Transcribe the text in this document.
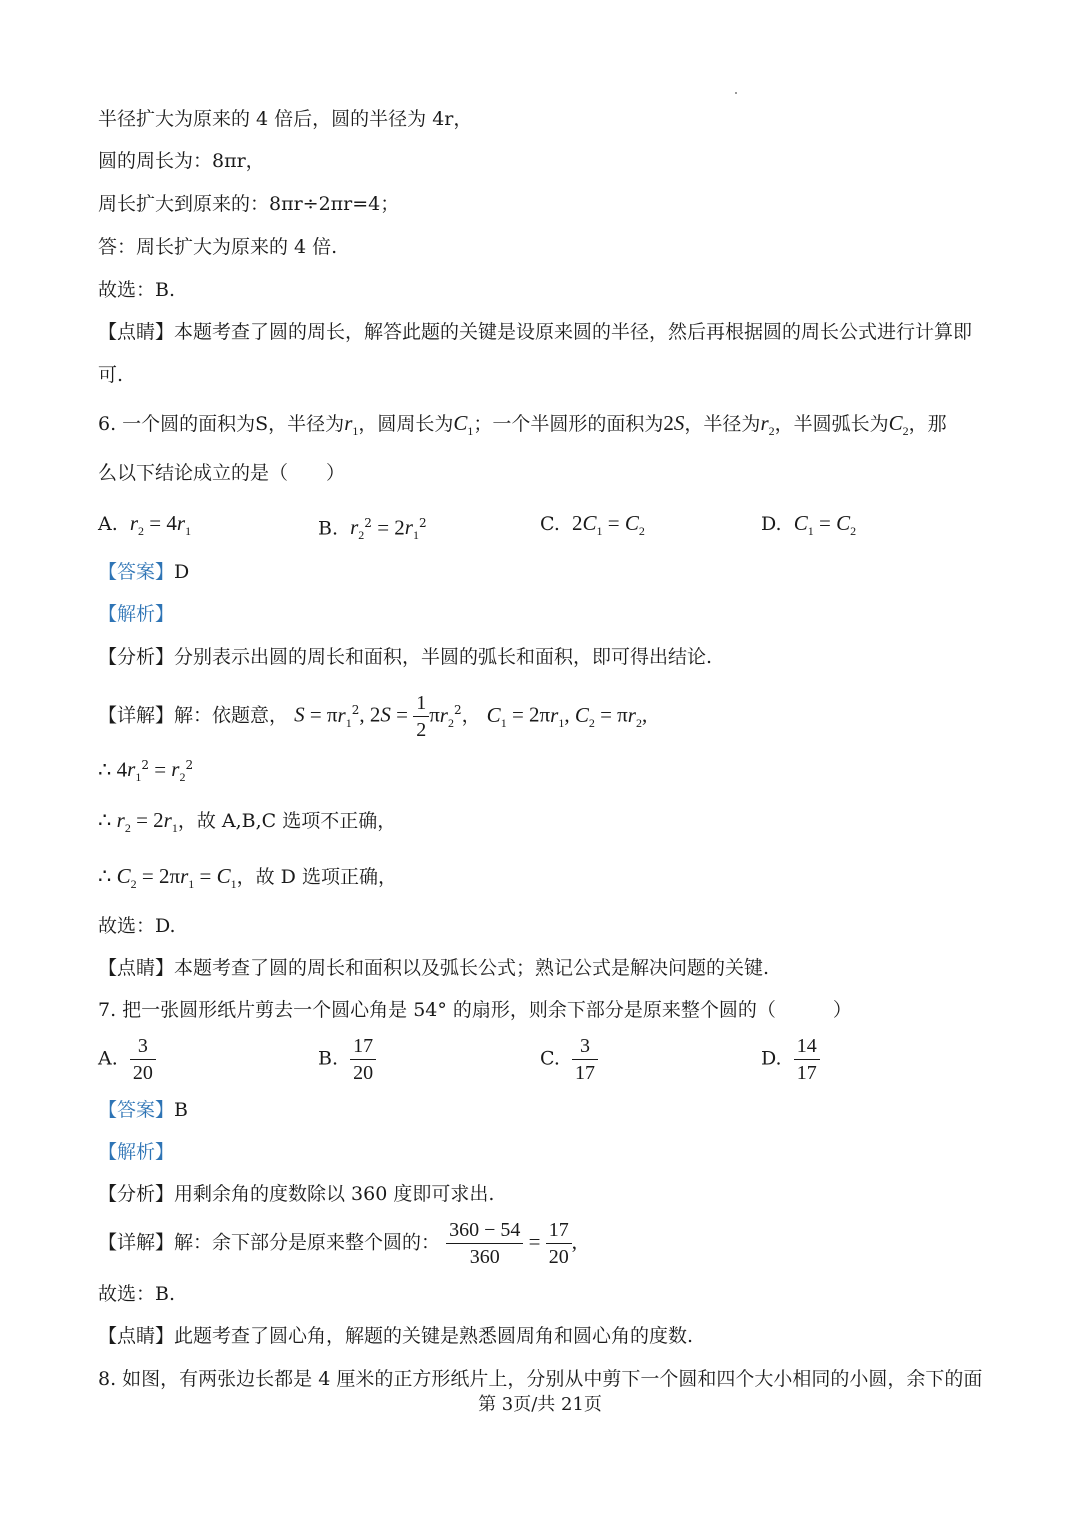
半径扩大为原来的 4 倍后，圆的半径为 4r，
圆的周长为：8πr，
周长扩大到原来的：8πr÷2πr=4；
答：周长扩大为原来的 4 倍.
故选：B.
【点睛】本题考查了圆的周长，解答此题的关键是设原来圆的半径，然后再根据圆的周长公式进行计算即
可.
6. 一个圆的面积为S，半径为$r_1$，圆周长为$C_1$；一个半圆形的面积为2S，半径为$r_2$，半圆弧长为$C_2$，那
么以下结论成立的是（　　）
A. $r_2 = 4r_1$	B. $r_2^2 = 2r_1^2$	C. $2C_1 = C_2$	D. $C_1 = C_2$
【答案】D
【解析】
【分析】分别表示出圆的周长和面积，半圆的弧长和面积，即可得出结论.
【详解】解：依题意， $S = \pi r_1^2$, $2S = \frac{1}{2} \pi r_2^2$， $C_1 = 2\pi r_1$, $C_2 = \pi r_2$,
∴ $4r_1^2 = r_2^2$
∴ $r_2 = 2r_1$，故 A,B,C 选项不正确，
∴ $C_2 = 2\pi r_1 = C_1$，故 D 选项正确，
故选：D.
【点睛】本题考查了圆的周长和面积以及弧长公式；熟记公式是解决问题的关键.
7. 把一张圆形纸片剪去一个圆心角是 54° 的扇形，则余下部分是原来整个圆的（　　　）
A. $\frac{3}{20}$	B. $\frac{17}{20}$	C. $\frac{3}{17}$	D. $\frac{14}{17}$
【答案】B
【解析】
【分析】用剩余角的度数除以 360 度即可求出.
【详解】解：余下部分是原来整个圆的： $\frac{360 - 54}{360} = \frac{17}{20}$ ,
故选：B.
【点睛】此题考查了圆心角，解题的关键是熟悉圆周角和圆心角的度数.
8. 如图，有两张边长都是 4 厘米的正方形纸片上，分别从中剪下一个圆和四个大小相同的小圆，余下的面
第 3页/共 21页
